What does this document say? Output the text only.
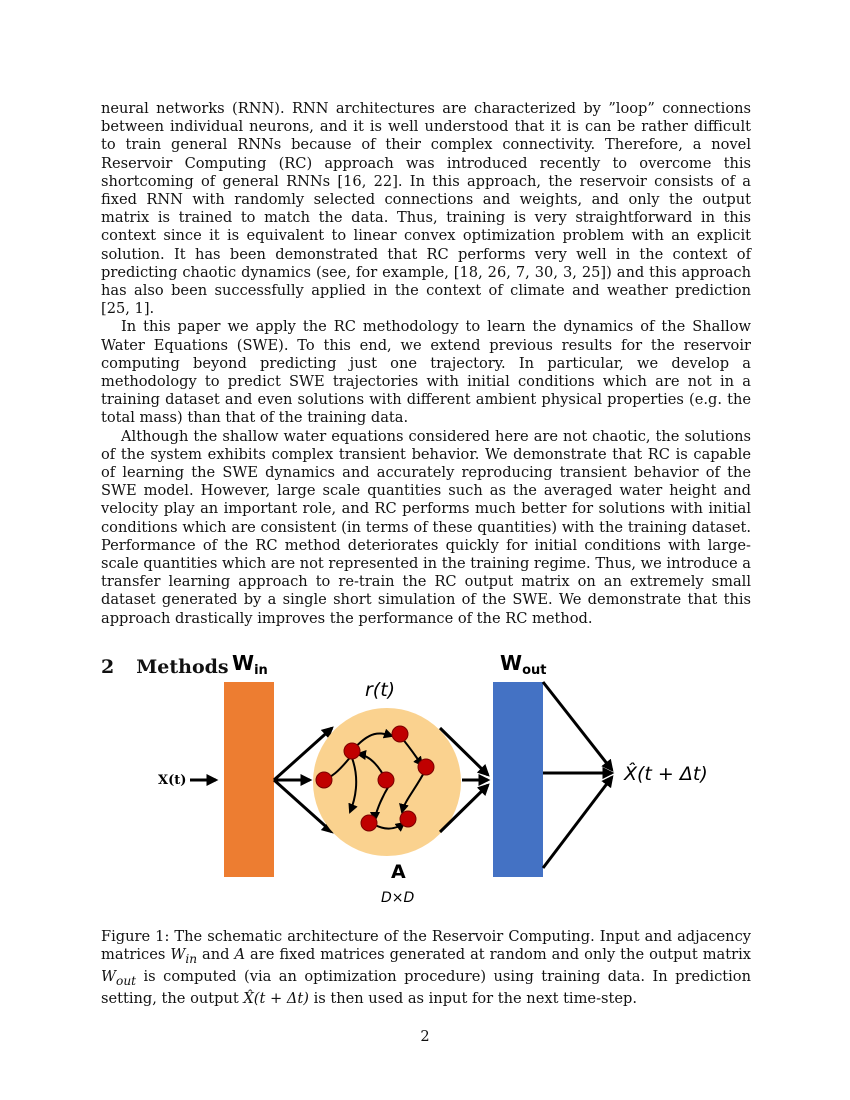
neural networks (RNN). RNN architectures are characterized by ”loop” connections between individual neurons, and it is well understood that it is can be rather difficult to train general RNNs because of their complex connectivity. Therefore, a novel Reservoir Computing (RC) approach was introduced recently to overcome this shortcoming of general RNNs [16, 22]. In this approach, the reservoir consists of a fixed RNN with randomly selected connections and weights, and only the output matrix is trained to match the data. Thus, training is very straightforward in this context since it is equivalent to linear convex optimization problem with an explicit solution. It has been demonstrated that RC performs very well in the context of predicting chaotic dynamics (see, for example, [18, 26, 7, 30, 3, 25]) and this approach has also been successfully applied in the context of climate and weather prediction [25, 1].

In this paper we apply the RC methodology to learn the dynamics of the Shallow Water Equations (SWE). To this end, we extend previous results for the reservoir computing beyond predicting just one trajectory. In particular, we develop a methodology to predict SWE trajectories with initial conditions which are not in a training dataset and even solutions with different ambient physical properties (e.g. the total mass) than that of the training data.

Although the shallow water equations considered here are not chaotic, the solutions of the system exhibits complex transient behavior. We demonstrate that RC is capable of learning the SWE dynamics and accurately reproducing transient behavior of the SWE model. However, large scale quantities such as the averaged water height and velocity play an important role, and RC performs much better for solutions with initial conditions which are consistent (in terms of these quantities) with the training dataset. Performance of the RC method deteriorates quickly for initial conditions with large-scale quantities which are not represented in the training regime. Thus, we introduce a transfer learning approach to re-train the RC output matrix on an extremely small dataset generated by a single short simulation of the SWE. We demonstrate that this approach drastically improves the performance of the RC method.

2 Methods
X(t)
$W_{in}$
r(t)
A
D×D
$W_{out}$
X̂(t + Δt)

Figure 1: The schematic architecture of the Reservoir Computing. Input and adjacency matrices $W_{in}$ and A are fixed matrices generated at random and only the output matrix $W_{out}$ is computed (via an optimization procedure) using training data. In prediction setting, the output X̂(t + Δt) is then used as input for the next time-step.

2
